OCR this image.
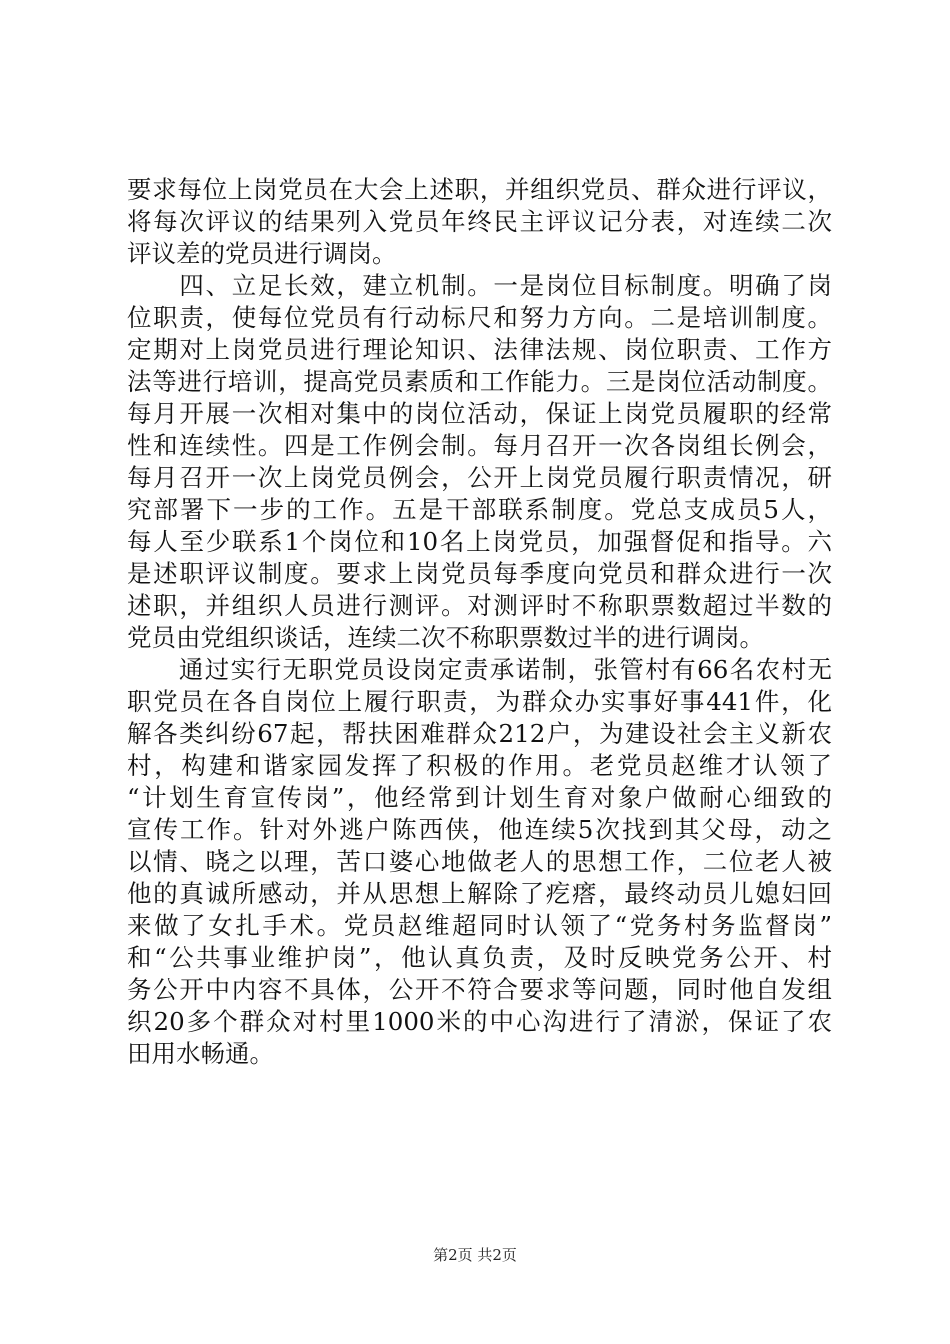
要求每位上岗党员在大会上述职，并组织党员、群众进行评议，
将每次评议的结果列入党员年终民主评议记分表，对连续二次
评议差的党员进行调岗。
　　四、立足长效，建立机制。一是岗位目标制度。明确了岗
位职责，使每位党员有行动标尺和努力方向。二是培训制度。
定期对上岗党员进行理论知识、法律法规、岗位职责、工作方
法等进行培训，提高党员素质和工作能力。三是岗位活动制度。
每月开展一次相对集中的岗位活动，保证上岗党员履职的经常
性和连续性。四是工作例会制。每月召开一次各岗组长例会，
每月召开一次上岗党员例会，公开上岗党员履行职责情况，研
究部署下一步的工作。五是干部联系制度。党总支成员5人，
每人至少联系1个岗位和10名上岗党员，加强督促和指导。六
是述职评议制度。要求上岗党员每季度向党员和群众进行一次
述职，并组织人员进行测评。对测评时不称职票数超过半数的
党员由党组织谈话，连续二次不称职票数过半的进行调岗。
　　通过实行无职党员设岗定责承诺制，张管村有66名农村无
职党员在各自岗位上履行职责，为群众办实事好事441件，化
解各类纠纷67起，帮扶困难群众212户，为建设社会主义新农
村，构建和谐家园发挥了积极的作用。老党员赵维才认领了
“计划生育宣传岗”，他经常到计划生育对象户做耐心细致的
宣传工作。针对外逃户陈西侠，他连续5次找到其父母，动之
以情、晓之以理，苦口婆心地做老人的思想工作，二位老人被
他的真诚所感动，并从思想上解除了疙瘩，最终动员儿媳妇回
来做了女扎手术。党员赵维超同时认领了“党务村务监督岗”
和“公共事业维护岗”，他认真负责，及时反映党务公开、村
务公开中内容不具体，公开不符合要求等问题，同时他自发组
织20多个群众对村里1000米的中心沟进行了清淤，保证了农
田用水畅通。
第2页 共2页
